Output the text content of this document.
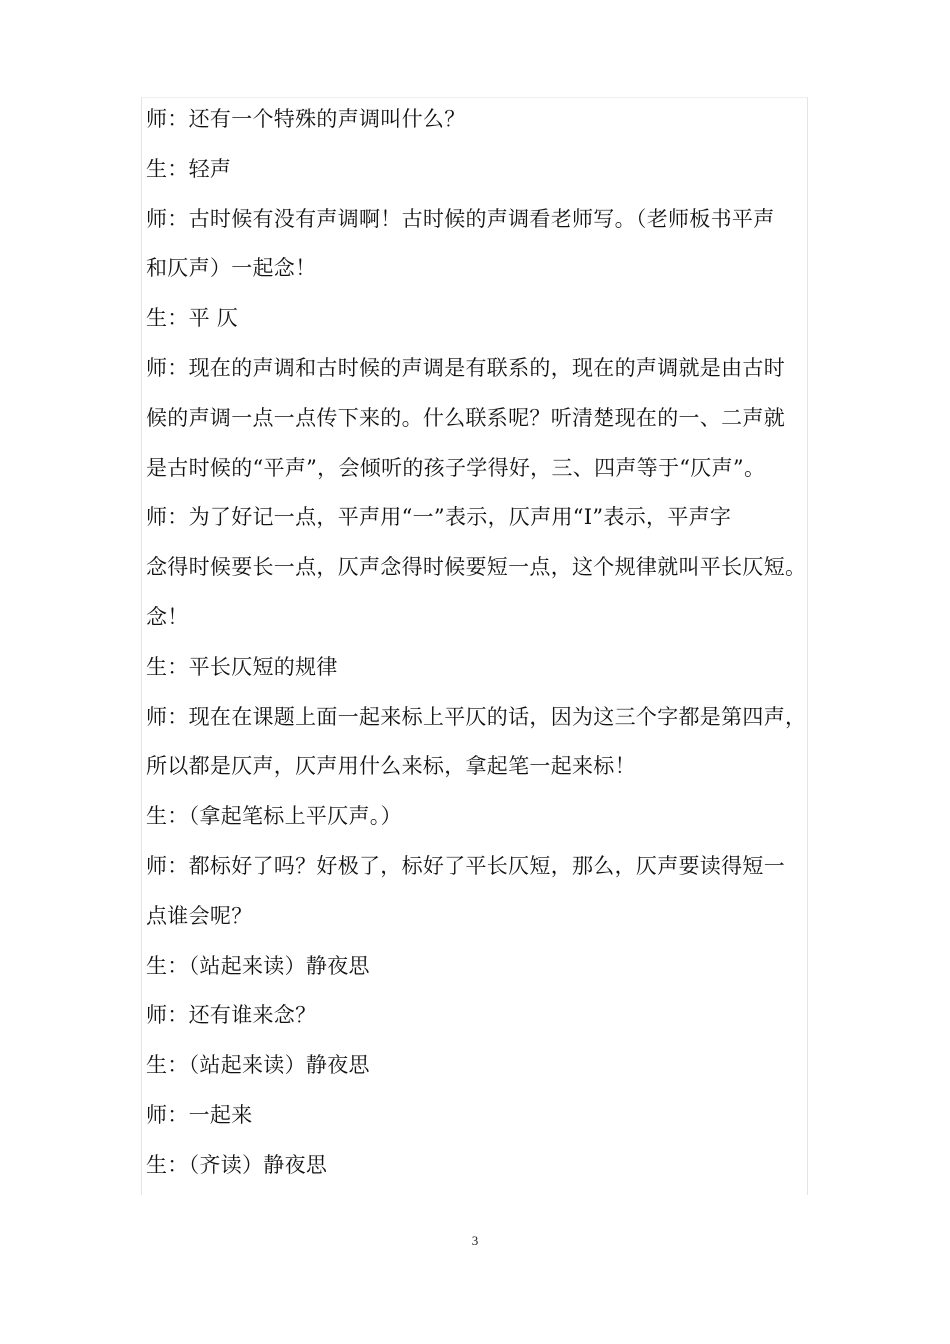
师：还有一个特殊的声调叫什么？
生：轻声
师：古时候有没有声调啊！古时候的声调看老师写。（老师板书平声
和仄声）一起念！
生：平 仄
师：现在的声调和古时候的声调是有联系的，现在的声调就是由古时
候的声调一点一点传下来的。什么联系呢？听清楚现在的一、二声就
是古时候的“平声”，会倾听的孩子学得好，三、四声等于“仄声”。
师：为了好记一点，平声用“一”表示，仄声用“I”表示，平声字
念得时候要长一点，仄声念得时候要短一点，这个规律就叫平长仄短。
念！
生：平长仄短的规律
师：现在在课题上面一起来标上平仄的话，因为这三个字都是第四声，
所以都是仄声，仄声用什么来标，拿起笔一起来标！
生：（拿起笔标上平仄声。）
师：都标好了吗？好极了，标好了平长仄短，那么，仄声要读得短一
点谁会呢？
生：（站起来读）静夜思
师：还有谁来念？
生：（站起来读）静夜思
师：一起来
生：（齐读）静夜思
3
